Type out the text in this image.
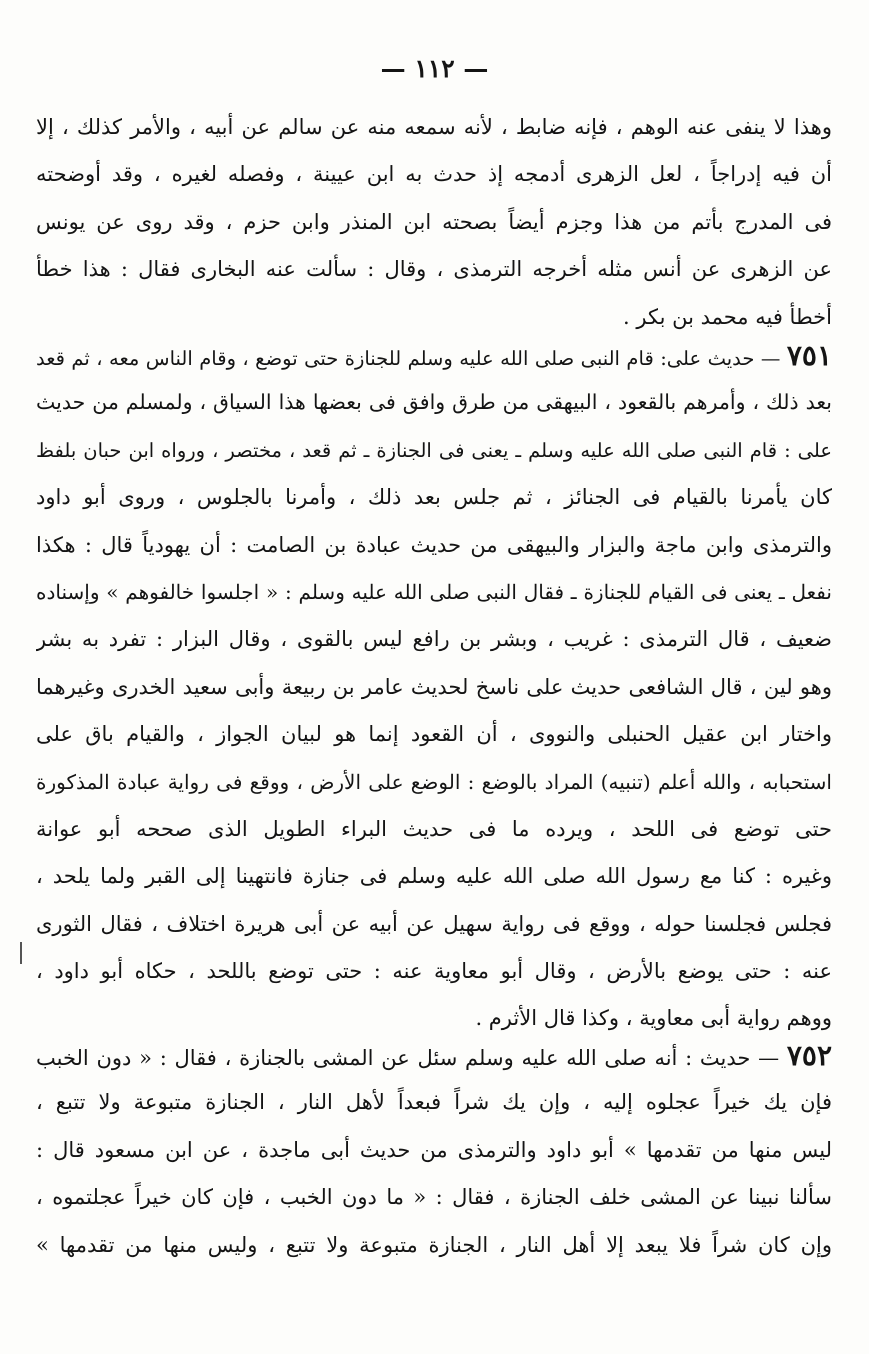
— ١١٢ —
وهذا لا ينفى عنه الوهم ، فإنه ضابط ، لأنه سمعه منه عن سالم عن أبيه ، والأمر كذلك ، إلا
أن فيه إدراجاً ، لعل الزهرى أدمجه إذ حدث به ابن عيينة ، وفصله لغيره ، وقد أوضحته
فى المدرج بأتم من هذا وجزم أيضاً بصحته ابن المنذر وابن حزم ، وقد روى عن يونس
عن الزهرى عن أنس مثله أخرجه الترمذى ، وقال : سألت عنه البخارى فقال : هذا خطأ
أخطأ فيه محمد بن بكر .
٧٥١ — حديث على: قام النبى صلى الله عليه وسلم للجنازة حتى توضع ، وقام الناس معه ، ثم قعد
بعد ذلك ، وأمرهم بالقعود ، البيهقى من طرق وافق فى بعضها هذا السياق ، ولمسلم من حديث
على : قام النبى صلى الله عليه وسلم ـ يعنى فى الجنازة ـ ثم قعد ، مختصر ، ورواه ابن حبان بلفظ
كان يأمرنا بالقيام فى الجنائز ، ثم جلس بعد ذلك ، وأمرنا بالجلوس ، وروى أبو داود
والترمذى وابن ماجة والبزار والبيهقى من حديث عبادة بن الصامت : أن يهودياً قال : هكذا
نفعل ـ يعنى فى القيام للجنازة ـ فقال النبى صلى الله عليه وسلم : « اجلسوا خالفوهم » وإسناده
ضعيف ، قال الترمذى : غريب ، وبشر بن رافع ليس بالقوى ، وقال البزار : تفرد به بشر
وهو لين ، قال الشافعى حديث على ناسخ لحديث عامر بن ربيعة وأبى سعيد الخدرى وغيرهما
واختار ابن عقيل الحنبلى والنووى ، أن القعود إنما هو لبيان الجواز ، والقيام باق على
استحبابه ، والله أعلم (تنبيه) المراد بالوضع : الوضع على الأرض ، ووقع فى رواية عبادة المذكورة
حتى توضع فى اللحد ، ويرده ما فى حديث البراء الطويل الذى صححه أبو عوانة
وغيره : كنا مع رسول الله صلى الله عليه وسلم فى جنازة فانتهينا إلى القبر ولما يلحد ،
فجلس فجلسنا حوله ، ووقع فى رواية سهيل عن أبيه عن أبى هريرة اختلاف ، فقال الثورى
عنه : حتى يوضع بالأرض ، وقال أبو معاوية عنه : حتى توضع باللحد ، حكاه أبو داود ،
ووهم رواية أبى معاوية ، وكذا قال الأثرم .
٧٥٢ — حديث : أنه صلى الله عليه وسلم سئل عن المشى بالجنازة ، فقال : « دون الخبب
فإن يك خيراً عجلوه إليه ، وإن يك شراً فبعداً لأهل النار ، الجنازة متبوعة ولا تتبع ،
ليس منها من تقدمها » أبو داود والترمذى من حديث أبى ماجدة ، عن ابن مسعود قال :
سألنا نبينا عن المشى خلف الجنازة ، فقال : « ما دون الخبب ، فإن كان خيراً عجلتموه ،
وإن كان شراً فلا يبعد إلا أهل النار ، الجنازة متبوعة ولا تتبع ، وليس منها من تقدمها »
